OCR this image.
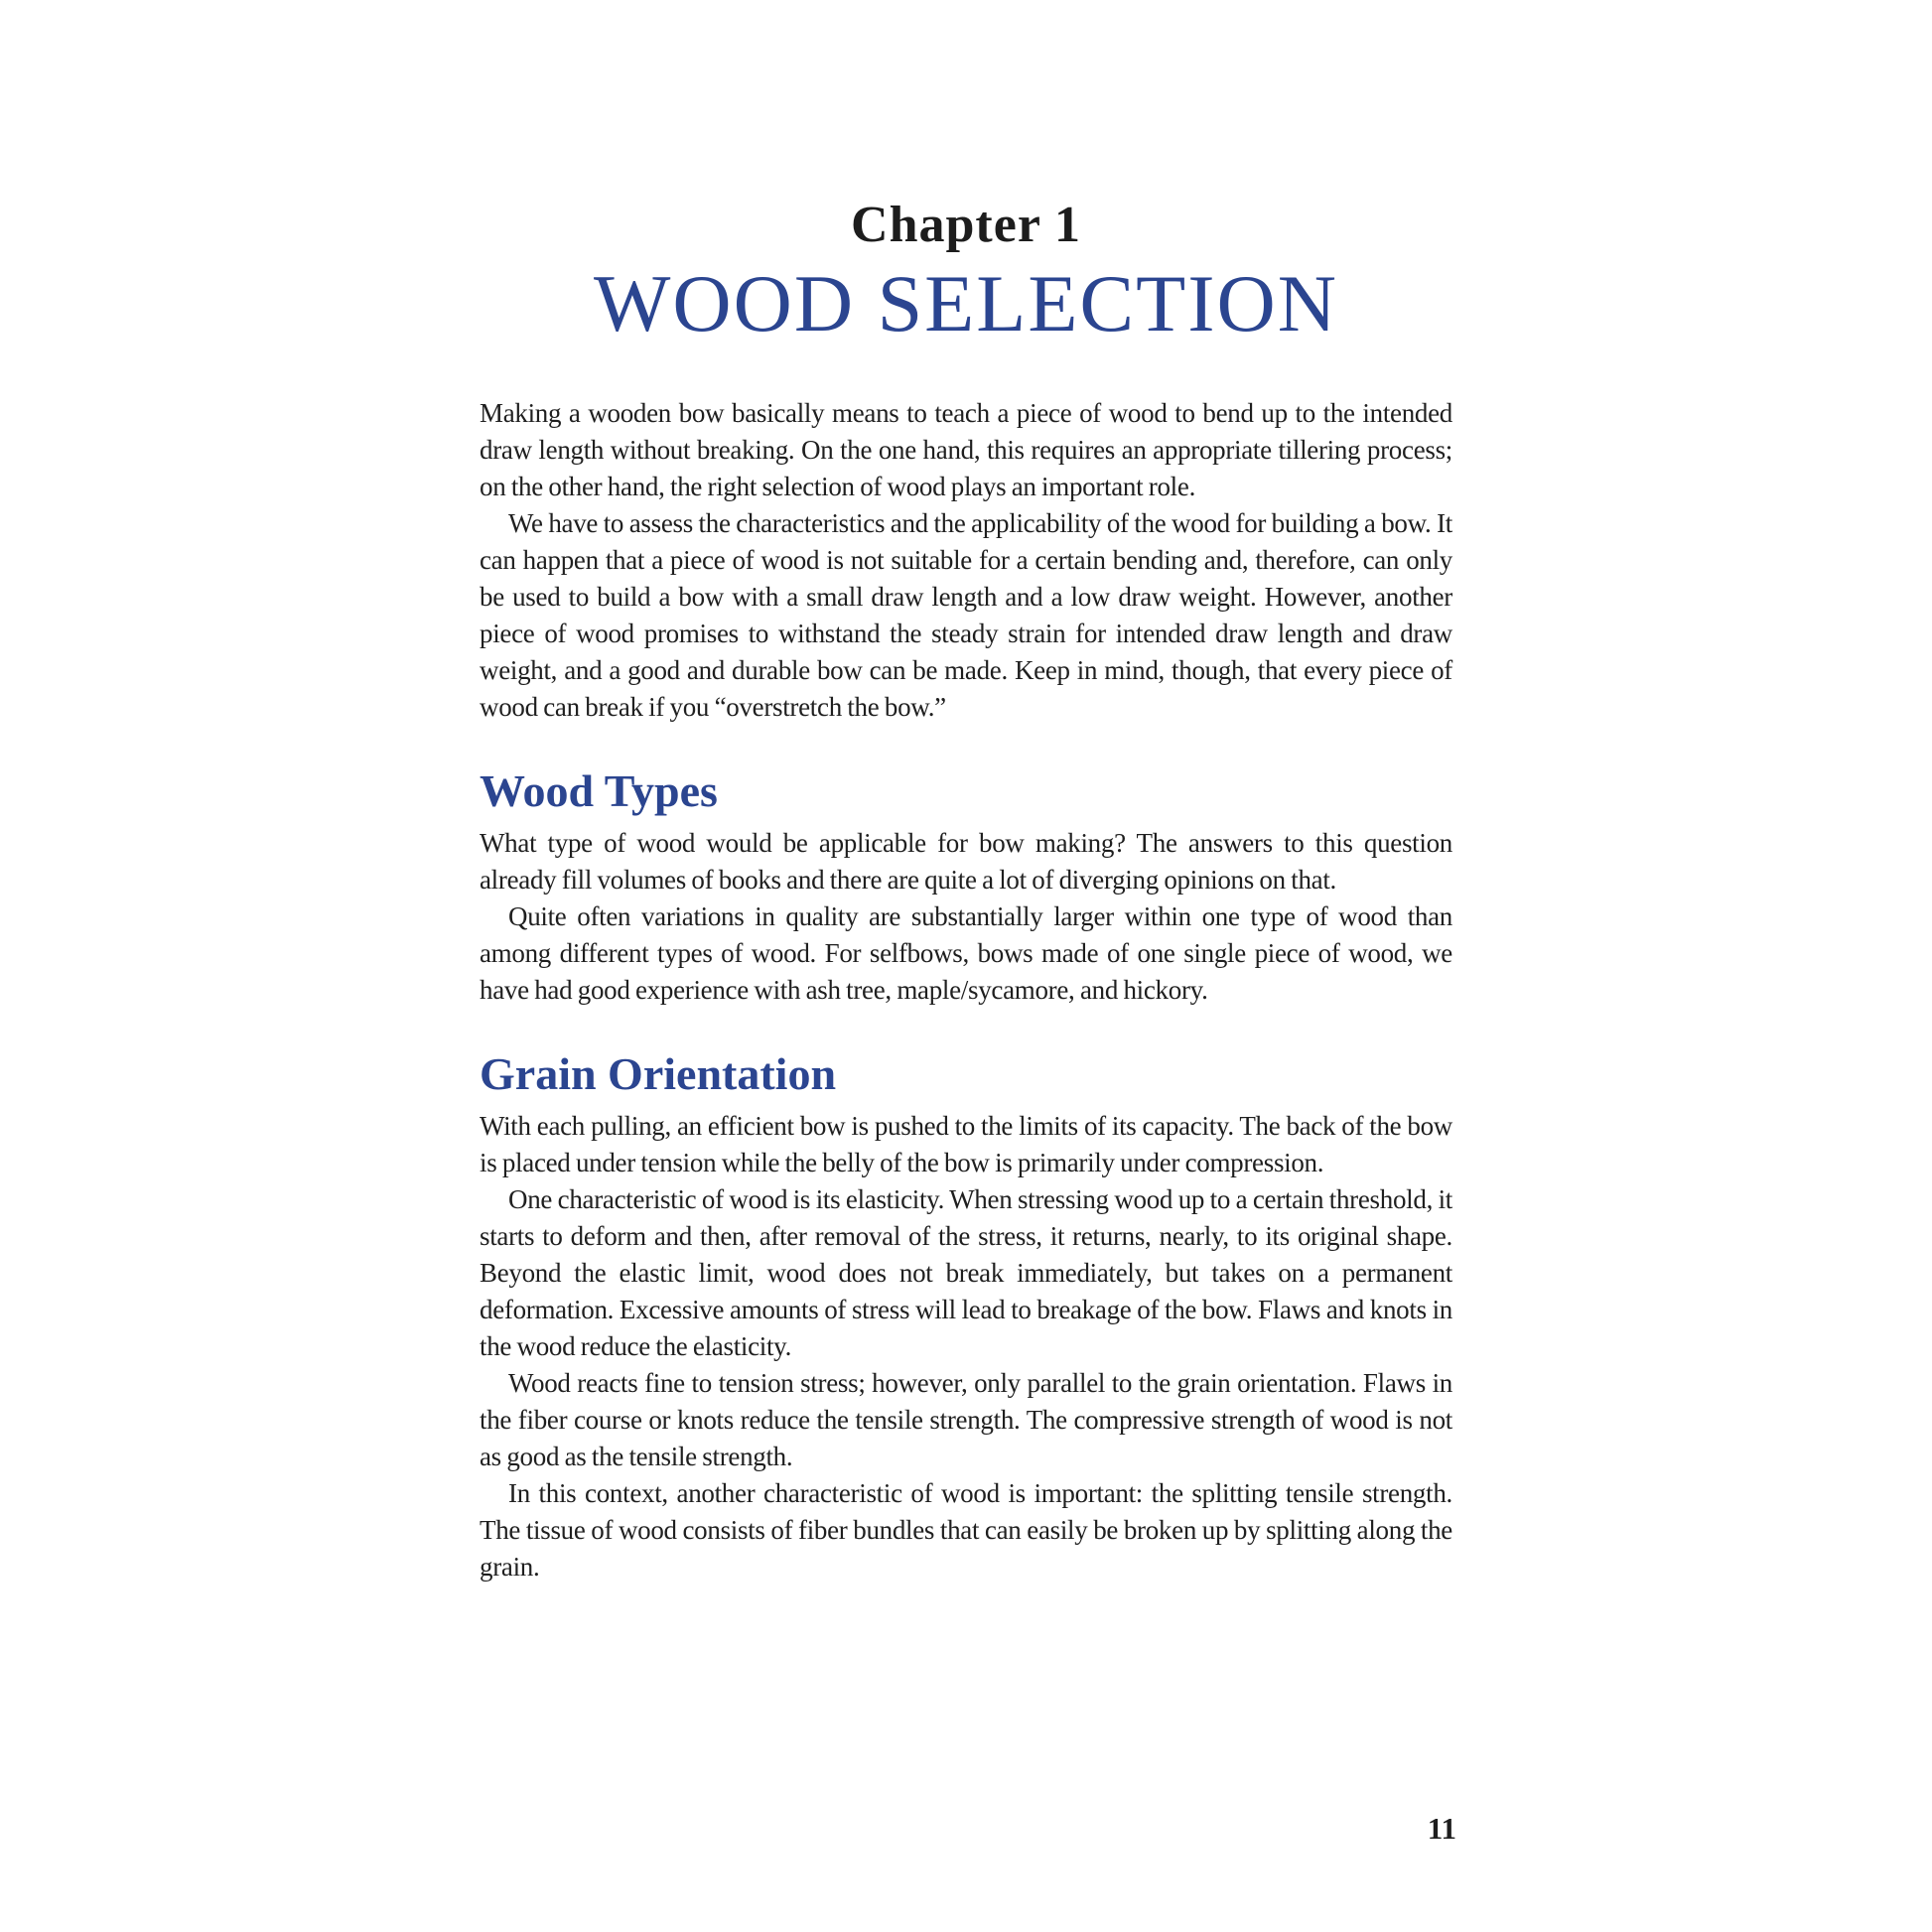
Chapter 1
WOOD SELECTION

Making a wooden bow basically means to teach a piece of wood to bend up to the intended draw length without breaking. On the one hand, this requires an appropriate tillering process; on the other hand, the right selection of wood plays an important role.

We have to assess the characteristics and the applicability of the wood for building a bow. It can happen that a piece of wood is not suitable for a certain bending and, therefore, can only be used to build a bow with a small draw length and a low draw weight. However, another piece of wood promises to withstand the steady strain for intended draw length and draw weight, and a good and durable bow can be made. Keep in mind, though, that every piece of wood can break if you “overstretch the bow.”

Wood Types

What type of wood would be applicable for bow making? The answers to this question already fill volumes of books and there are quite a lot of diverging opinions on that.

Quite often variations in quality are substantially larger within one type of wood than among different types of wood. For selfbows, bows made of one single piece of wood, we have had good experience with ash tree, maple/sycamore, and hickory.

Grain Orientation

With each pulling, an efficient bow is pushed to the limits of its capacity. The back of the bow is placed under tension while the belly of the bow is primarily under compression.

One characteristic of wood is its elasticity. When stressing wood up to a certain threshold, it starts to deform and then, after removal of the stress, it returns, nearly, to its original shape. Beyond the elastic limit, wood does not break immediately, but takes on a permanent deformation. Excessive amounts of stress will lead to breakage of the bow. Flaws and knots in the wood reduce the elasticity.

Wood reacts fine to tension stress; however, only parallel to the grain orientation. Flaws in the fiber course or knots reduce the tensile strength. The compressive strength of wood is not as good as the tensile strength.

In this context, another characteristic of wood is important: the splitting tensile strength. The tissue of wood consists of fiber bundles that can easily be broken up by splitting along the grain.

11
